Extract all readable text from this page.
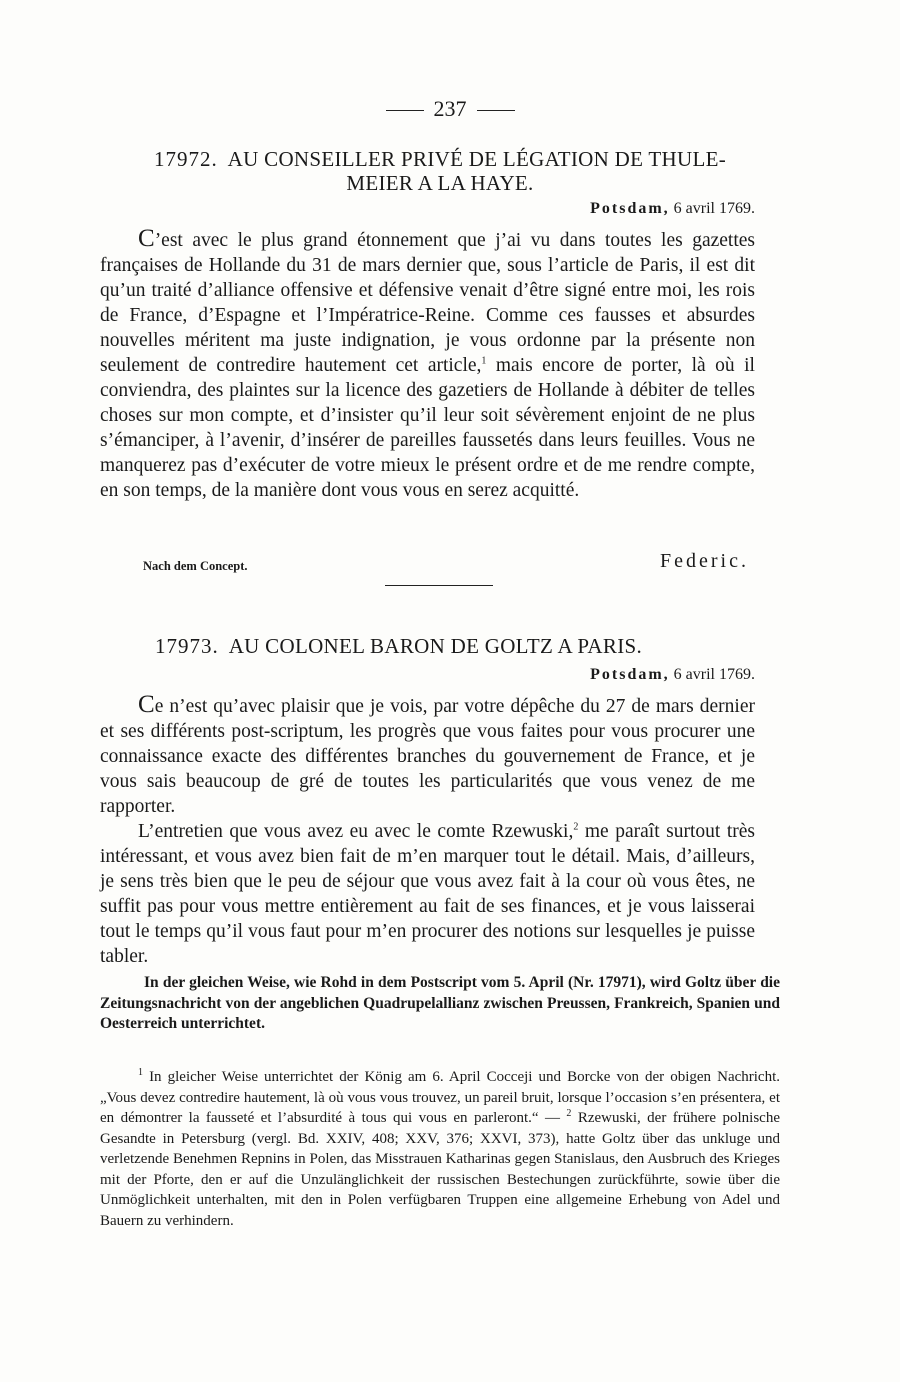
237
17972. AU CONSEILLER PRIVÉ DE LÉGATION DE THULE-
MEIER A LA HAYE.
Potsdam, 6 avril 1769.
C’est avec le plus grand étonnement que j’ai vu dans toutes les gazettes françaises de Hollande du 31 de mars dernier que, sous l’article de Paris, il est dit qu’un traité d’alliance offensive et défensive venait d’être signé entre moi, les rois de France, d’Espagne et l’Impératrice-Reine. Comme ces fausses et absurdes nouvelles méritent ma juste indignation, je vous ordonne par la présente non seulement de contredire hautement cet article,$^1$ mais encore de porter, là où il conviendra, des plaintes sur la licence des gazetiers de Hollande à débiter de telles choses sur mon compte, et d’insister qu’il leur soit sévèrement enjoint de ne plus s’émanciper, à l’avenir, d’insérer de pareilles faussetés dans leurs feuilles. Vous ne manquerez pas d’exécuter de votre mieux le présent ordre et de me rendre compte, en son temps, de la manière dont vous vous en serez acquitté.
Nach dem Concept.	Federic.
17973. AU COLONEL BARON DE GOLTZ A PARIS.
Potsdam, 6 avril 1769.
Ce n’est qu’avec plaisir que je vois, par votre dépêche du 27 de mars dernier et ses différents post-scriptum, les progrès que vous faites pour vous procurer une connaissance exacte des différentes branches du gouvernement de France, et je vous sais beaucoup de gré de toutes les particularités que vous venez de me rapporter.
L’entretien que vous avez eu avec le comte Rzewuski,$^2$ me paraît surtout très intéressant, et vous avez bien fait de m’en marquer tout le détail. Mais, d’ailleurs, je sens très bien que le peu de séjour que vous avez fait à la cour où vous êtes, ne suffit pas pour vous mettre entièrement au fait de ses finances, et je vous laisserai tout le temps qu’il vous faut pour m’en procurer des notions sur lesquelles je puisse tabler.
In der gleichen Weise, wie Rohd in dem Postscript vom 5. April (Nr. 17971), wird Goltz über die Zeitungsnachricht von der angeblichen Quadrupelallianz zwischen Preussen, Frankreich, Spanien und Oesterreich unterrichtet.
$^1$ In gleicher Weise unterrichtet der König am 6. April Cocceji und Borcke von der obigen Nachricht. „Vous devez contredire hautement, là où vous vous trouvez, un pareil bruit, lorsque l’occasion s’en présentera, et en démontrer la fausseté et l’absurdité à tous qui vous en parleront.“ — $^2$ Rzewuski, der frühere polnische Gesandte in Petersburg (vergl. Bd. XXIV, 408; XXV, 376; XXVI, 373), hatte Goltz über das unkluge und verletzende Benehmen Repnins in Polen, das Misstrauen Katharinas gegen Stanislaus, den Ausbruch des Krieges mit der Pforte, den er auf die Unzulänglichkeit der russischen Bestechungen zurückführte, sowie über die Unmöglichkeit unterhalten, mit den in Polen verfügbaren Truppen eine allgemeine Erhebung von Adel und Bauern zu verhindern.
